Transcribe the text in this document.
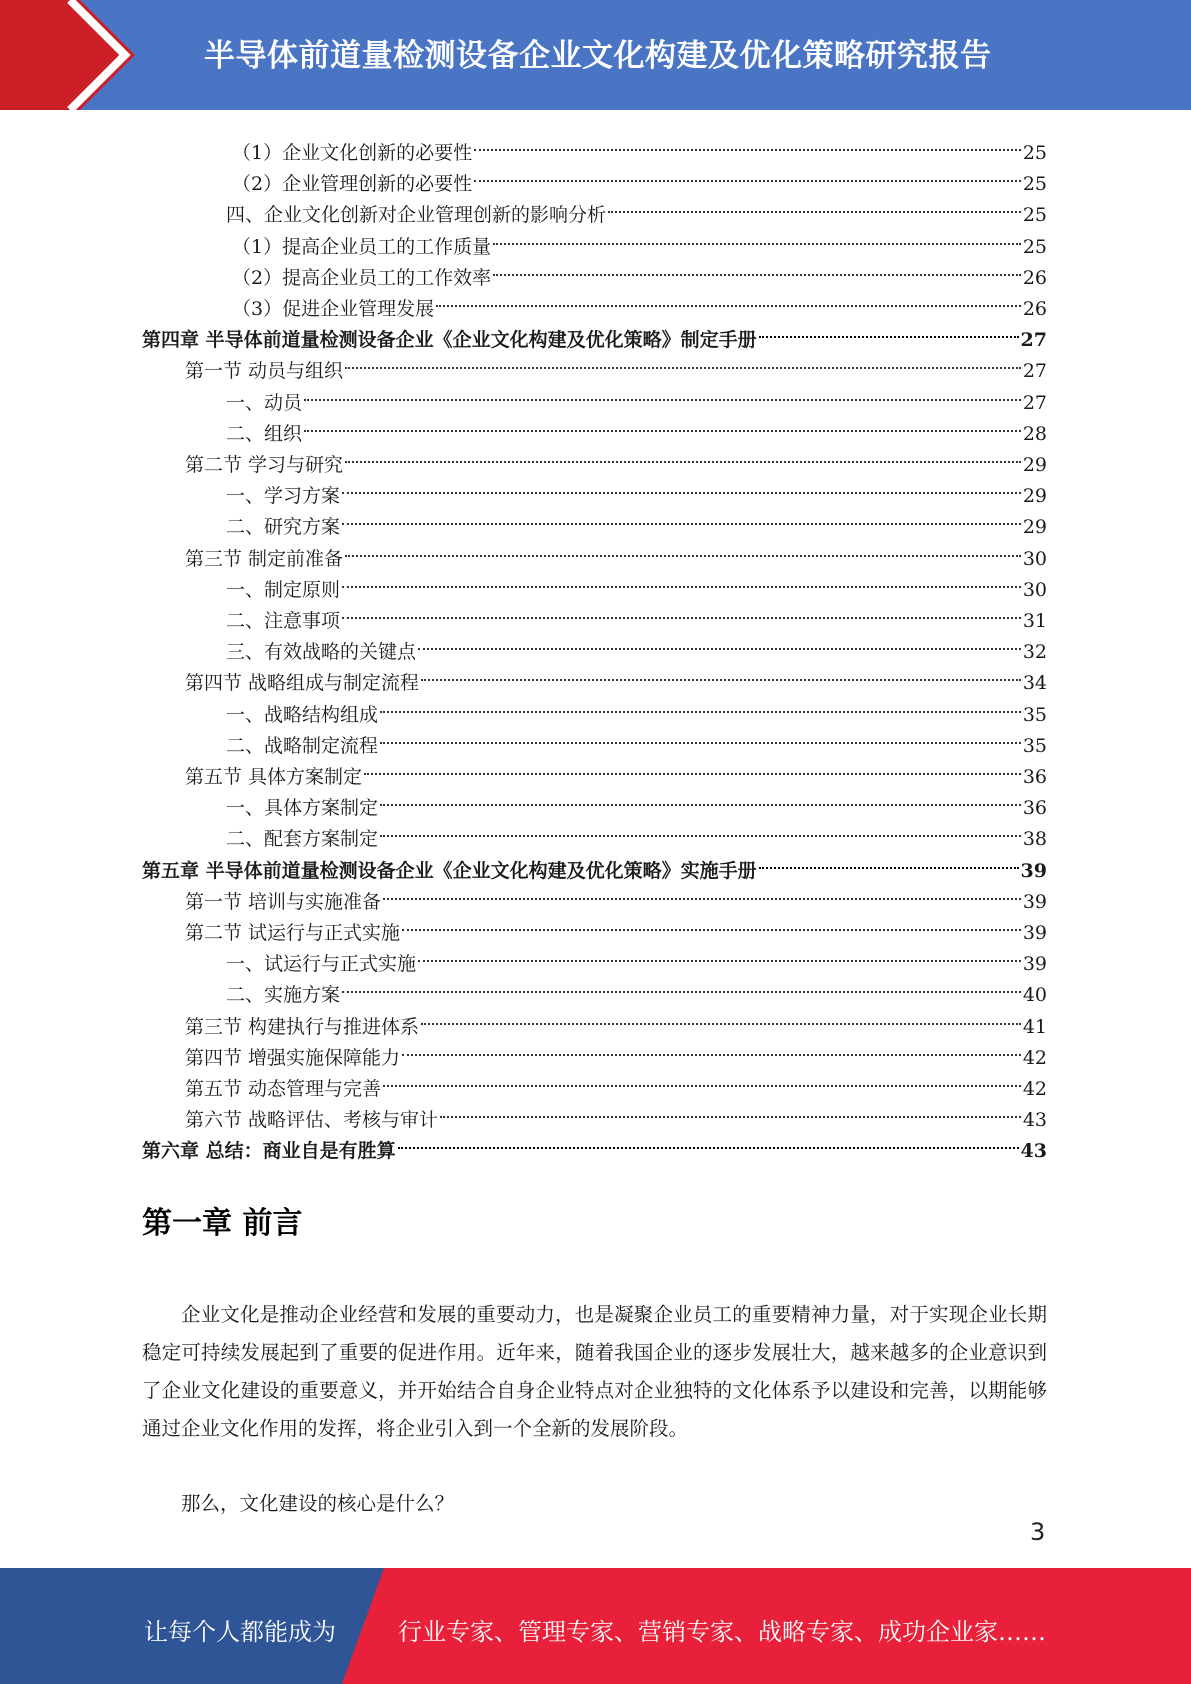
半导体前道量检测设备企业文化构建及优化策略研究报告
（1）企业文化创新的必要性	25
（2）企业管理创新的必要性	25
四、企业文化创新对企业管理创新的影响分析	25
（1）提高企业员工的工作质量	25
（2）提高企业员工的工作效率	26
（3）促进企业管理发展	26
第四章 半导体前道量检测设备企业《企业文化构建及优化策略》制定手册	27
第一节 动员与组织	27
一、动员	27
二、组织	28
第二节 学习与研究	29
一、学习方案	29
二、研究方案	29
第三节 制定前准备	30
一、制定原则	30
二、注意事项	31
三、有效战略的关键点	32
第四节 战略组成与制定流程	34
一、战略结构组成	35
二、战略制定流程	35
第五节 具体方案制定	36
一、具体方案制定	36
二、配套方案制定	38
第五章 半导体前道量检测设备企业《企业文化构建及优化策略》实施手册	39
第一节 培训与实施准备	39
第二节 试运行与正式实施	39
一、试运行与正式实施	39
二、实施方案	40
第三节 构建执行与推进体系	41
第四节 增强实施保障能力	42
第五节 动态管理与完善	42
第六节 战略评估、考核与审计	43
第六章 总结：商业自是有胜算	43
第一章 前言
企业文化是推动企业经营和发展的重要动力，也是凝聚企业员工的重要精神力量，对于实现企业长期稳定可持续发展起到了重要的促进作用。近年来，随着我国企业的逐步发展壮大，越来越多的企业意识到了企业文化建设的重要意义，并开始结合自身企业特点对企业独特的文化体系予以建设和完善，以期能够通过企业文化作用的发挥，将企业引入到一个全新的发展阶段。
那么，文化建设的核心是什么？
3
让每个人都能成为	行业专家、管理专家、营销专家、战略专家、成功企业家……
